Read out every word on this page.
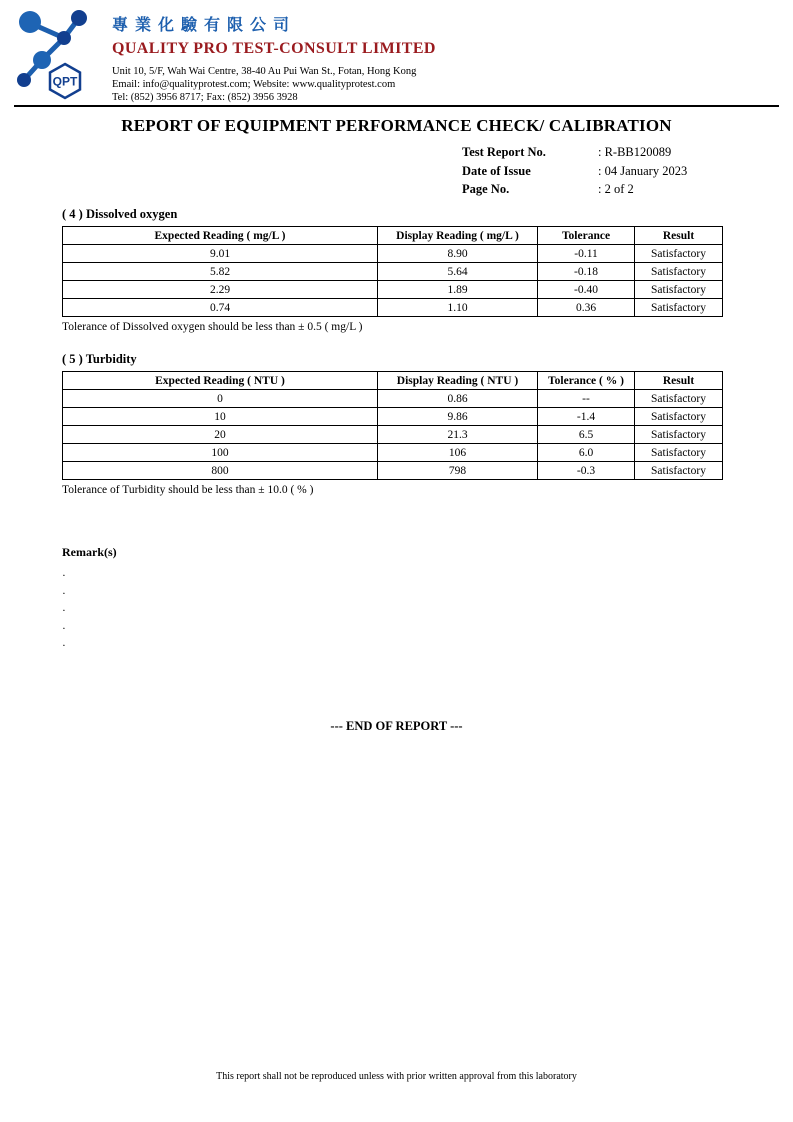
QPT
專業化驗有限公司
QUALITY PRO TEST-CONSULT LIMITED
Unit 10, 5/F, Wah Wai Centre, 38-40 Au Pui Wan St., Fotan, Hong Kong
Email: info@qualityprotest.com; Website: www.qualityprotest.com
Tel: (852) 3956 8717; Fax: (852) 3956 3928
REPORT OF EQUIPMENT PERFORMANCE CHECK/ CALIBRATION
Test Report No.	: R-BB120089
Date of Issue	: 04 January 2023
Page No.	: 2 of 2
( 4 ) Dissolved oxygen
Expected Reading ( mg/L )	Display Reading ( mg/L )	Tolerance	Result
9.01	8.90	-0.11	Satisfactory
5.82	5.64	-0.18	Satisfactory
2.29	1.89	-0.40	Satisfactory
0.74	1.10	0.36	Satisfactory
Tolerance of Dissolved oxygen should be less than ± 0.5 ( mg/L )
( 5 ) Turbidity
Expected Reading ( NTU )	Display Reading ( NTU )	Tolerance ( % )	Result
0	0.86	--	Satisfactory
10	9.86	-1.4	Satisfactory
20	21.3	6.5	Satisfactory
100	106	6.0	Satisfactory
800	798	-0.3	Satisfactory
Tolerance of Turbidity should be less than ± 10.0 ( % )
Remark(s)
·
·
·
·
·
--- END OF REPORT ---
This report shall not be reproduced unless with prior written approval from this laboratory
